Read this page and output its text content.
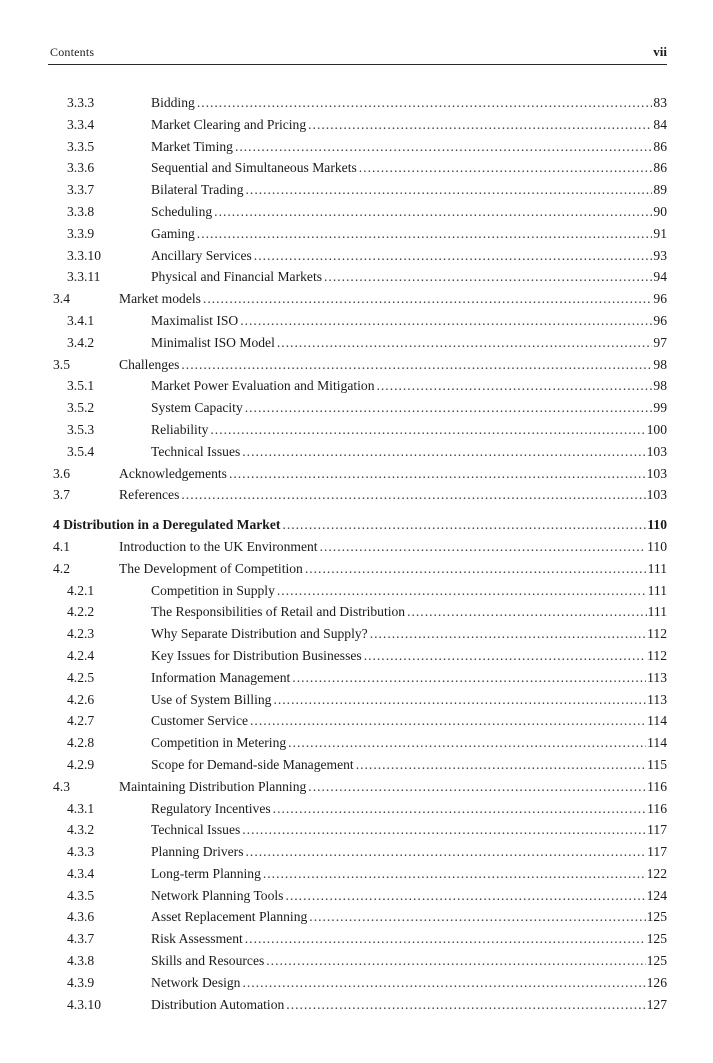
Contents	vii
3.3.3	Bidding .....	83
3.3.4	Market Clearing and Pricing .....	84
3.3.5	Market Timing .....	86
3.3.6	Sequential and Simultaneous Markets .....	86
3.3.7	Bilateral Trading .....	89
3.3.8	Scheduling .....	90
3.3.9	Gaming .....	91
3.3.10	Ancillary Services .....	93
3.3.11	Physical and Financial Markets .....	94
3.4	Market models .....	96
3.4.1	Maximalist ISO .....	96
3.4.2	Minimalist ISO Model .....	97
3.5	Challenges .....	98
3.5.1	Market Power Evaluation and Mitigation .....	98
3.5.2	System Capacity .....	99
3.5.3	Reliability .....	100
3.5.4	Technical Issues .....	103
3.6	Acknowledgements .....	103
3.7	References .....	103
4 Distribution in a Deregulated Market .....	110
4.1	Introduction to the UK Environment .....	110
4.2	The Development of Competition .....	111
4.2.1	Competition in Supply .....	111
4.2.2	The Responsibilities of Retail and Distribution .....	111
4.2.3	Why Separate Distribution and Supply? .....	112
4.2.4	Key Issues for Distribution Businesses .....	112
4.2.5	Information Management .....	113
4.2.6	Use of System Billing .....	113
4.2.7	Customer Service .....	114
4.2.8	Competition in Metering .....	114
4.2.9	Scope for Demand-side Management .....	115
4.3	Maintaining Distribution Planning .....	116
4.3.1	Regulatory Incentives .....	116
4.3.2	Technical Issues .....	117
4.3.3	Planning Drivers .....	117
4.3.4	Long-term Planning .....	122
4.3.5	Network Planning Tools .....	124
4.3.6	Asset Replacement Planning .....	125
4.3.7	Risk Assessment .....	125
4.3.8	Skills and Resources .....	125
4.3.9	Network Design .....	126
4.3.10	Distribution Automation .....	127
